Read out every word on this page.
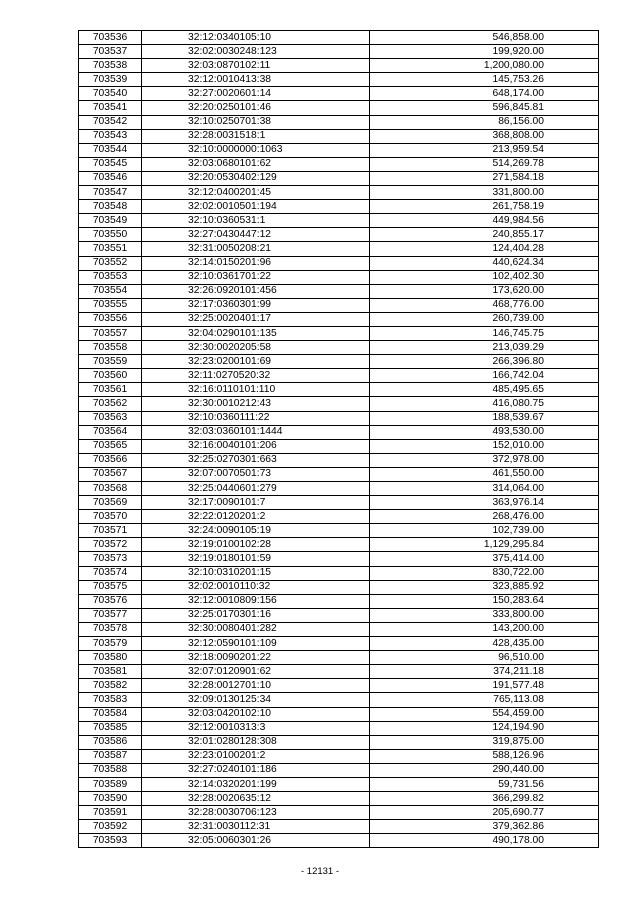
703536	32:12:0340105:10	546,858.00
703537	32:02:0030248:123	199,920.00
703538	32:03:0870102:11	1,200,080.00
703539	32:12:0010413:38	145,753.26
703540	32:27:0020601:14	648,174.00
703541	32:20:0250101:46	596,845.81
703542	32:10:0250701:38	86,156.00
703543	32:28:0031518:1	368,808.00
703544	32:10:0000000:1063	213,959.54
703545	32:03:0680101:62	514,269.78
703546	32:20:0530402:129	271,584.18
703547	32:12:0400201:45	331,800.00
703548	32:02:0010501:194	261,758.19
703549	32:10:0360531:1	449,984.56
703550	32:27:0430447:12	240,855.17
703551	32:31:0050208:21	124,404.28
703552	32:14:0150201:96	440,624.34
703553	32:10:0361701:22	102,402.30
703554	32:26:0920101:456	173,620.00
703555	32:17:0360301:99	468,776.00
703556	32:25:0020401:17	260,739.00
703557	32:04:0290101:135	146,745.75
703558	32:30:0020205:58	213,039.29
703559	32:23:0200101:69	266,396.80
703560	32:11:0270520:32	166,742.04
703561	32:16:0110101:110	485,495.65
703562	32:30:0010212:43	416,080.75
703563	32:10:0360111:22	188,539.67
703564	32:03:0360101:1444	493,530.00
703565	32:16:0040101:206	152,010.00
703566	32:25:0270301:663	372,978.00
703567	32:07:0070501:73	461,550.00
703568	32:25:0440601:279	314,064.00
703569	32:17:0090101:7	363,976.14
703570	32:22:0120201:2	268,476.00
703571	32:24:0090105:19	102,739.00
703572	32:19:0100102:28	1,129,295.84
703573	32:19:0180101:59	375,414.00
703574	32:10:0310201:15	830,722.00
703575	32:02:0010110:32	323,885.92
703576	32:12:0010809:156	150,283.64
703577	32:25:0170301:16	333,800.00
703578	32:30:0080401:282	143,200.00
703579	32:12:0590101:109	428,435.00
703580	32:18:0090201:22	96,510.00
703581	32:07:0120901:62	374,211.18
703582	32:28:0012701:10	191,577.48
703583	32:09:0130125:34	765,113.08
703584	32:03:0420102:10	554,459.00
703585	32:12:0010313:3	124,194.90
703586	32:01:0280128:308	319,875.00
703587	32:23:0100201:2	588,126.96
703588	32:27:0240101:186	290,440.00
703589	32:14:0320201:199	59,731.56
703590	32:28:0020635:12	366,299.82
703591	32:28:0030706:123	205,690.77
703592	32:31:0030112:31	379,362.86
703593	32:05:0060301:26	490,178.00
- 12131 -
